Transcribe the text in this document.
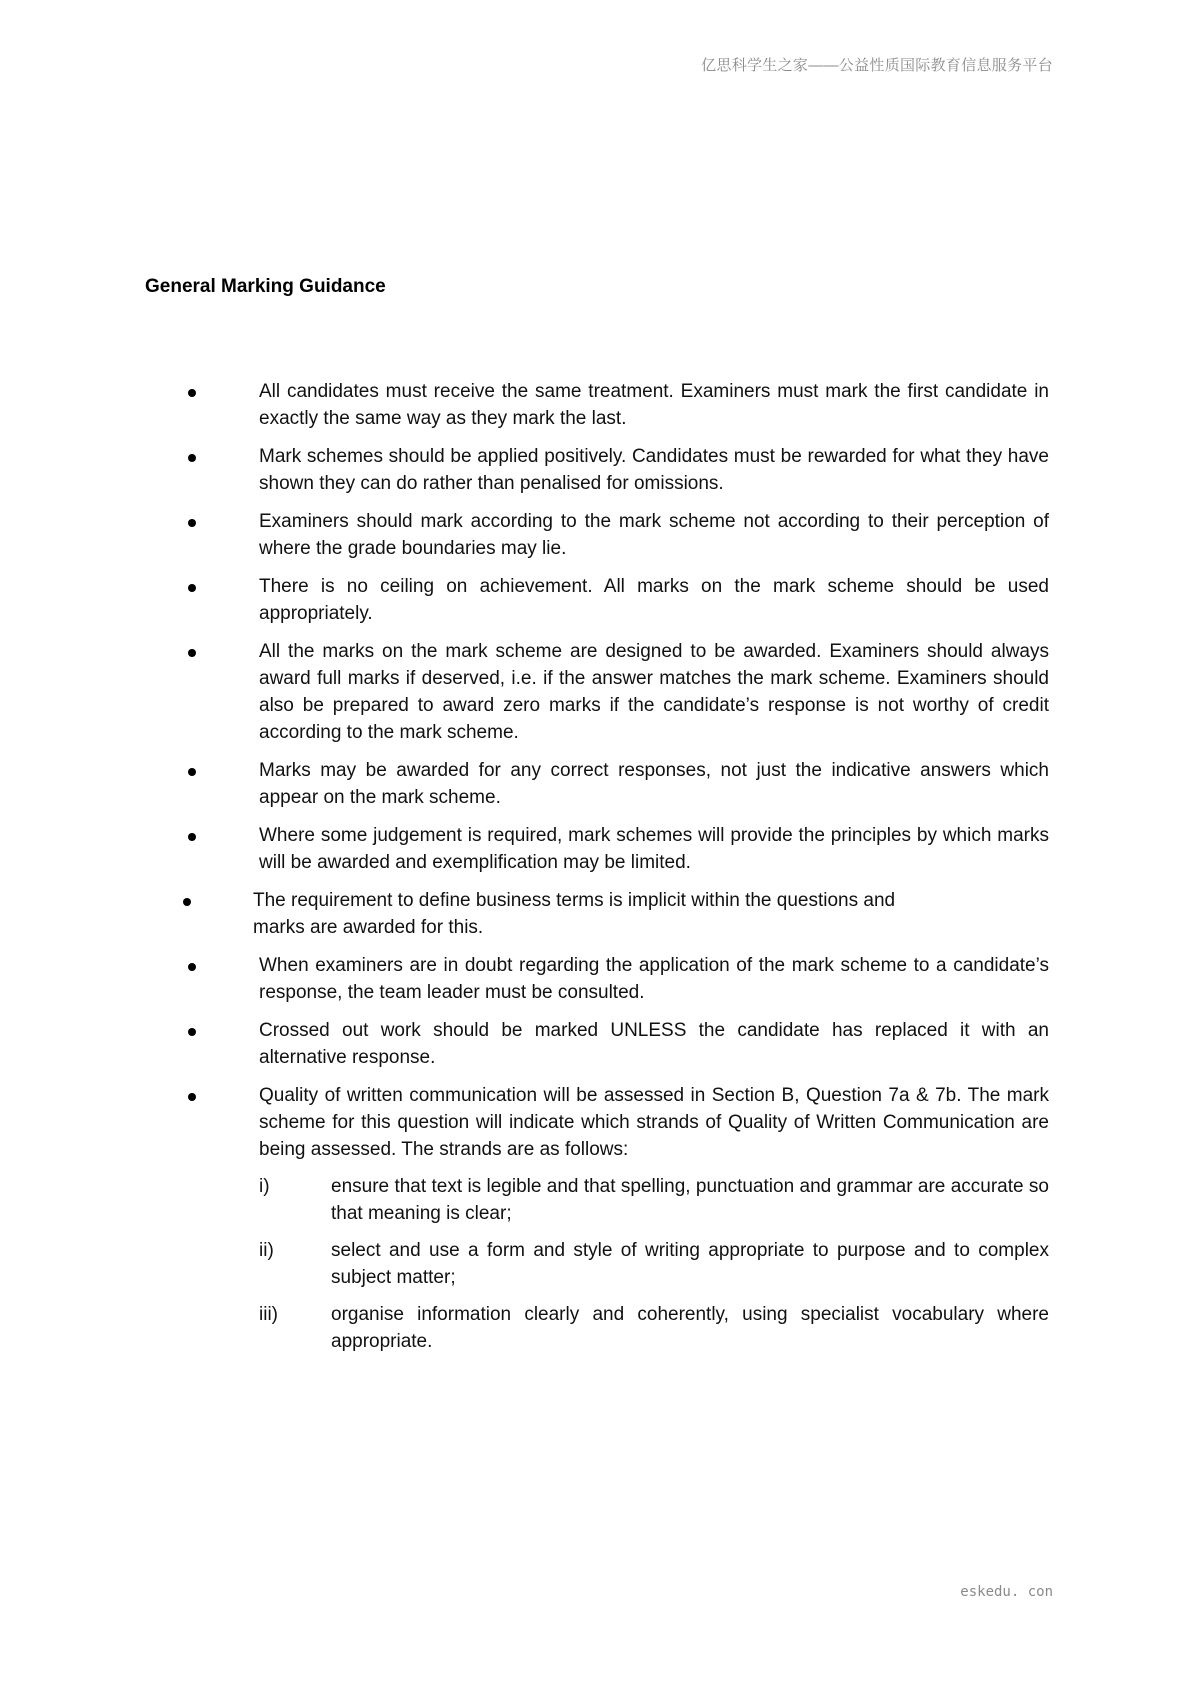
亿思科学生之家——公益性质国际教育信息服务平台
General Marking Guidance
All candidates must receive the same treatment. Examiners must mark the first candidate in exactly the same way as they mark the last.
Mark schemes should be applied positively. Candidates must be rewarded for what they have shown they can do rather than penalised for omissions.
Examiners should mark according to the mark scheme not according to their perception of where the grade boundaries may lie.
There is no ceiling on achievement. All marks on the mark scheme should be used appropriately.
All the marks on the mark scheme are designed to be awarded. Examiners should always award full marks if deserved, i.e. if the answer matches the mark scheme. Examiners should also be prepared to award zero marks if the candidate’s response is not worthy of credit according to the mark scheme.
Marks may be awarded for any correct responses, not just the indicative answers which appear on the mark scheme.
Where some judgement is required, mark schemes will provide the principles by which marks will be awarded and exemplification may be limited.
The requirement to define business terms is implicit within the questions and
marks are awarded for this.
When examiners are in doubt regarding the application of the mark scheme to a candidate’s response, the team leader must be consulted.
Crossed out work should be marked UNLESS the candidate has replaced it with an alternative response.
Quality of written communication will be assessed in Section B, Question 7a & 7b. The mark scheme for this question will indicate which strands of Quality of Written Communication are being assessed. The strands are as follows:
i)	ensure that text is legible and that spelling, punctuation and grammar are accurate so that meaning is clear;
ii)	select and use a form and style of writing appropriate to purpose and to complex subject matter;
iii)	organise information clearly and coherently, using specialist vocabulary where appropriate.
eskedu. con
